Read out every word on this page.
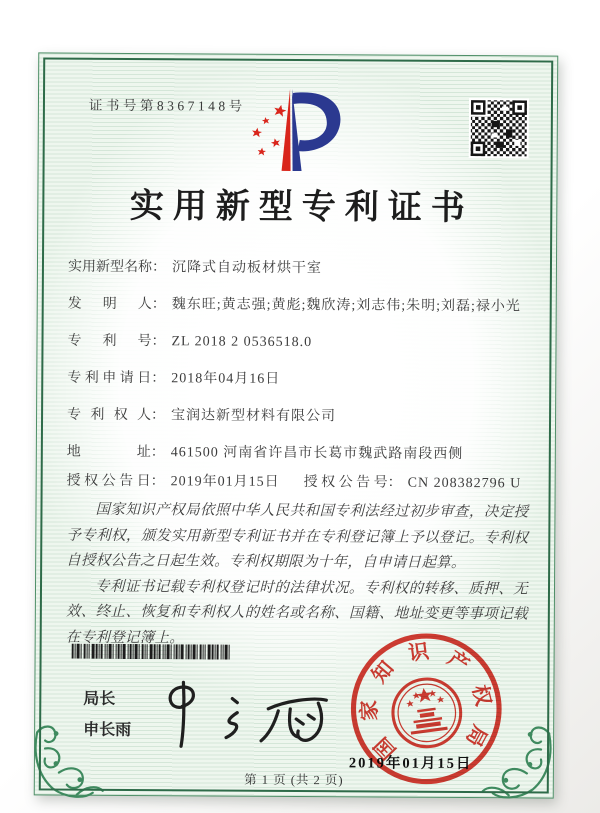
证书号第8367148号
实用新型专利证书
实用新型名称： 沉降式自动板材烘干室
发明人： 魏东旺;黄志强;黄彪;魏欣涛;刘志伟;朱明;刘磊;禄小光
专利号： ZL 2018 2 0536518.0
专利申请日： 2018年04月16日
专利权人： 宝润达新型材料有限公司
地址： 461500 河南省许昌市长葛市魏武路南段西侧
授权公告日： 2019年01月15日 授权公告号： CN 208382796 U

国家知识产权局依照中华人民共和国专利法经过初步审查，决定授予专利权，颁发实用新型专利证书并在专利登记簿上予以登记。专利权自授权公告之日起生效。专利权期限为十年，自申请日起算。

专利证书记载专利权登记时的法律状况。专利权的转移、质押、无效、终止、恢复和专利权人的姓名或名称、国籍、地址变更等事项记载在专利登记簿上。

局长
申长雨
2019年01月15日
国
家
知
识 产
权
局
第 1 页 (共 2 页)
